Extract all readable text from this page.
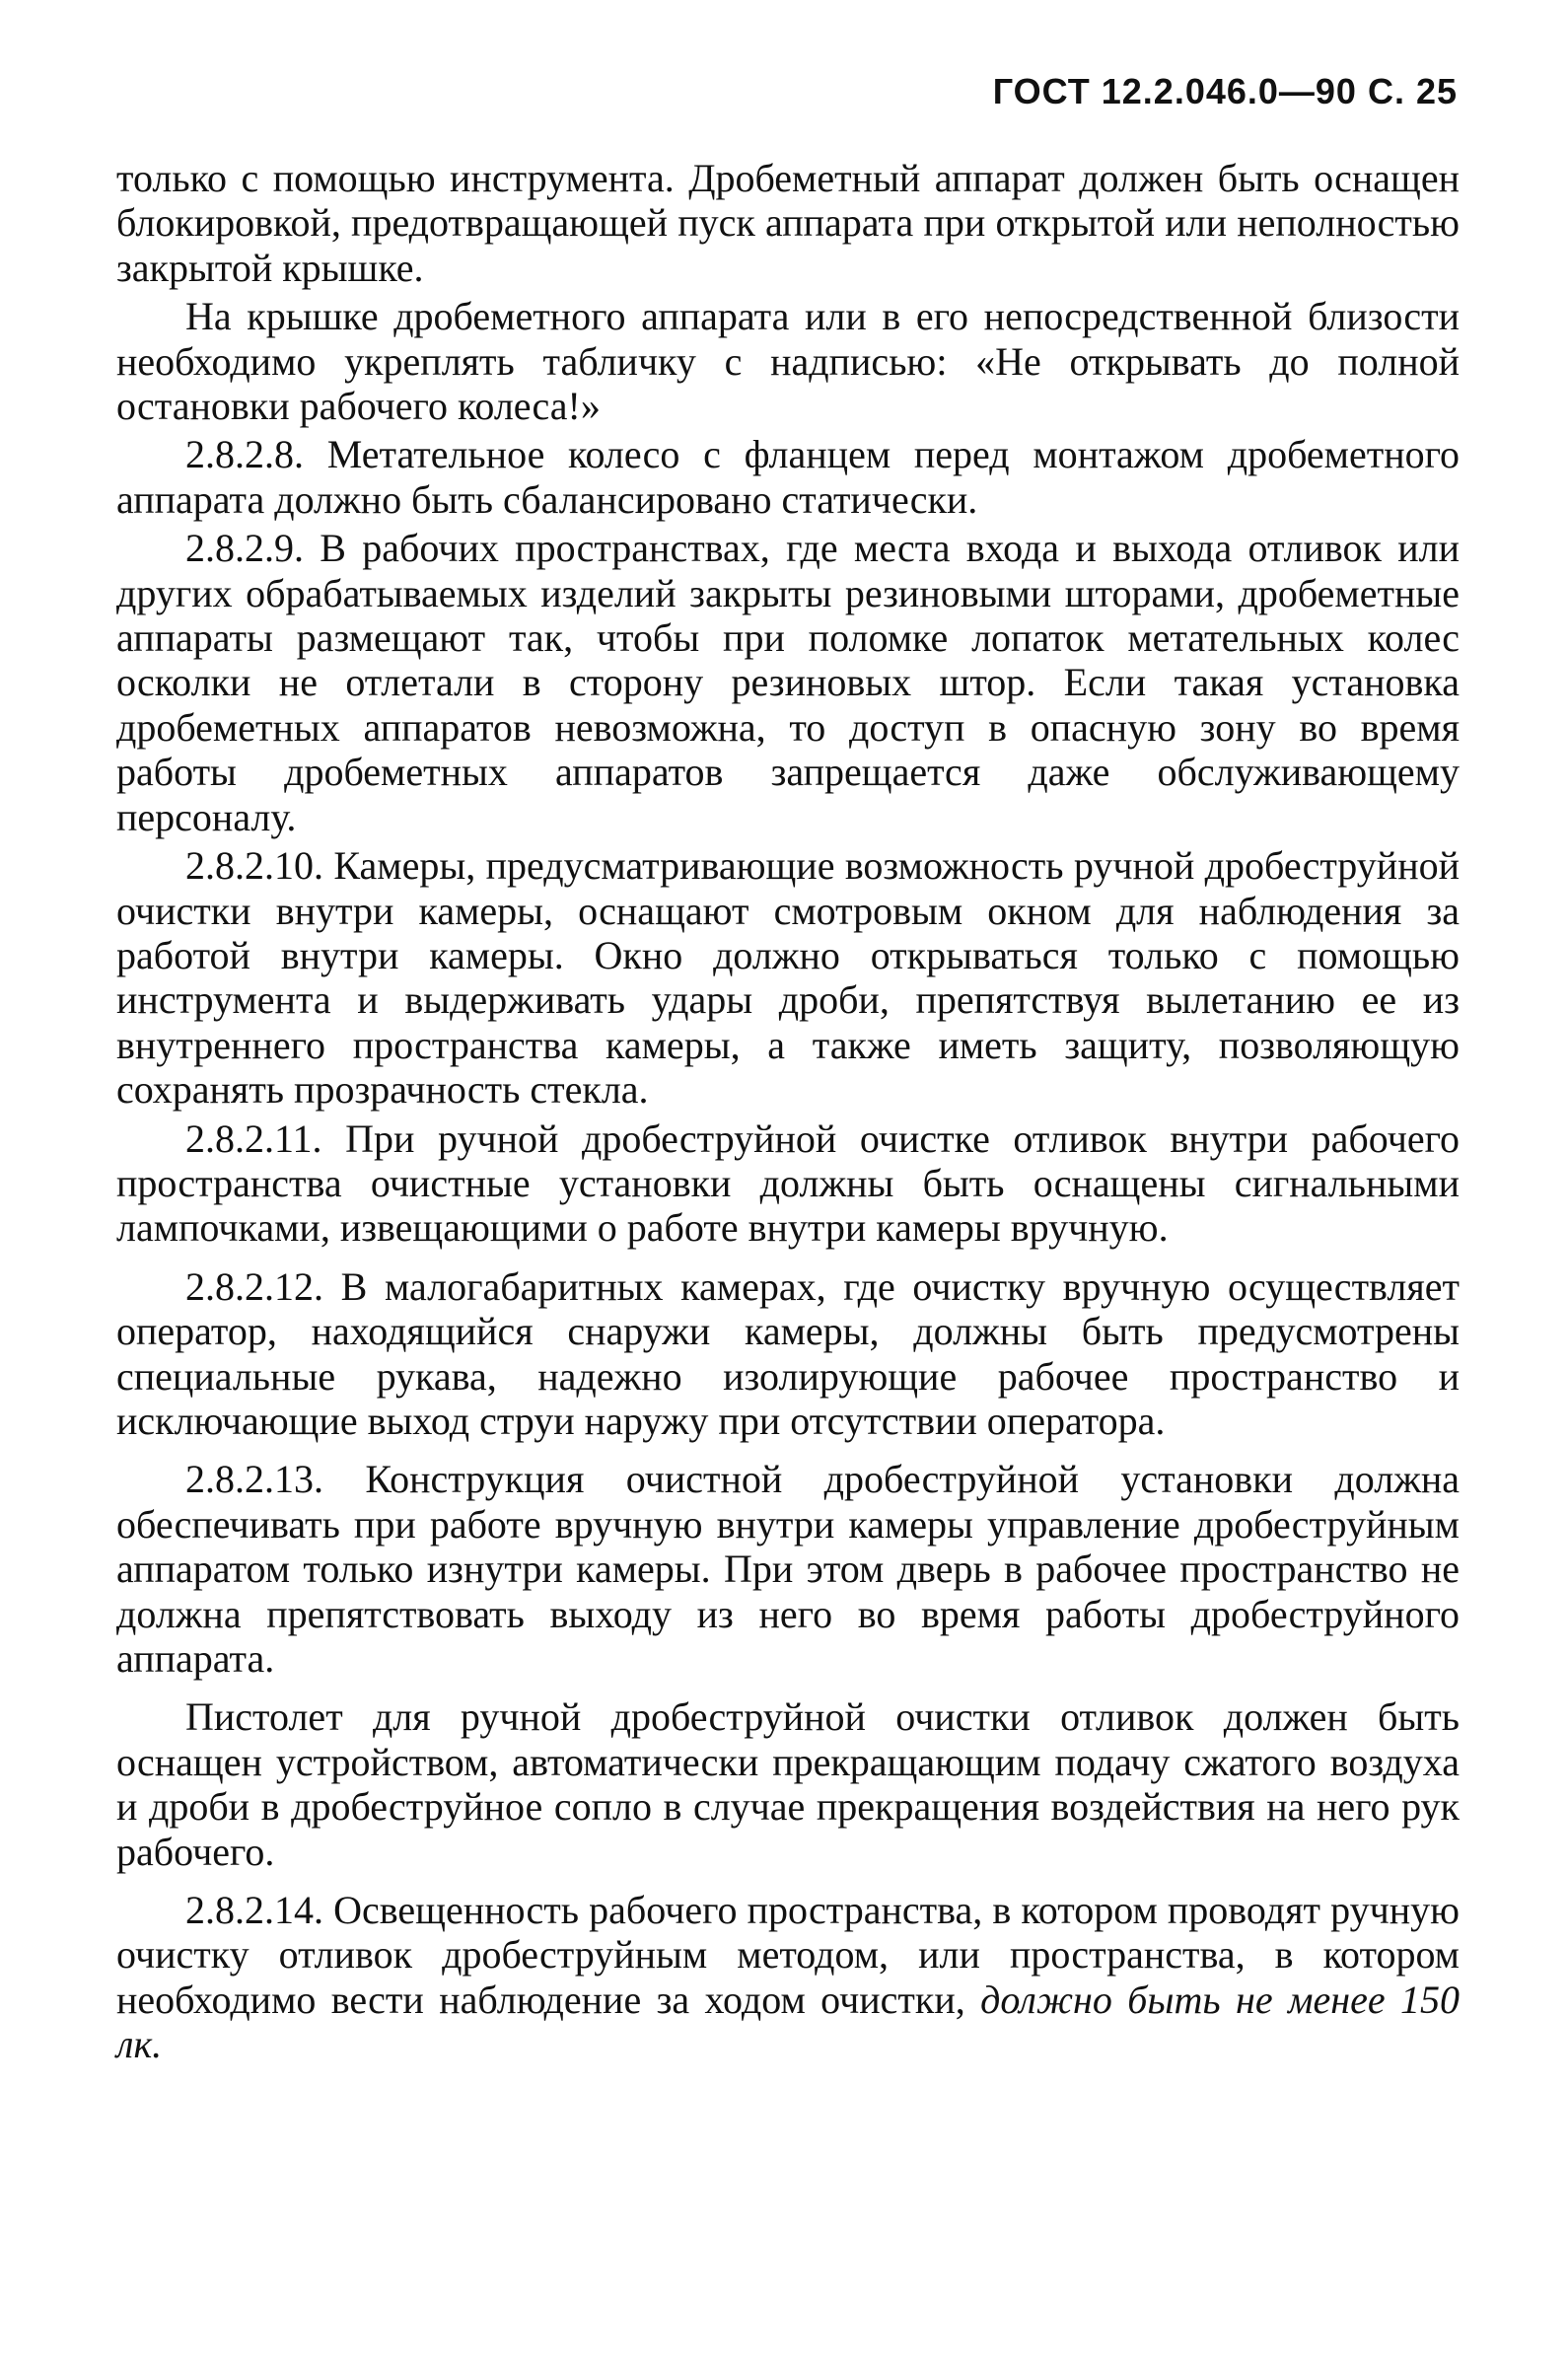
ГОСТ 12.2.046.0—90 С. 25

только с помощью инструмента. Дробеметный аппарат должен быть оснащен блокировкой, предотвращающей пуск аппарата при открытой или неполностью закрытой крышке.

На крышке дробеметного аппарата или в его непосредственной близости необходимо укреплять табличку с надписью: «Не открывать до полной остановки рабочего колеса!»

2.8.2.8. Метательное колесо с фланцем перед монтажом дробеметного аппарата должно быть сбалансировано статически.

2.8.2.9. В рабочих пространствах, где места входа и выхода отливок или других обрабатываемых изделий закрыты резиновыми шторами, дробеметные аппараты размещают так, чтобы при поломке лопаток метательных колес осколки не отлетали в сторону резиновых штор. Если такая установка дробеметных аппаратов невозможна, то доступ в опасную зону во время работы дробеметных аппаратов запрещается даже обслуживающему персоналу.

2.8.2.10. Камеры, предусматривающие возможность ручной дробеструйной очистки внутри камеры, оснащают смотровым окном для наблюдения за работой внутри камеры. Окно должно открываться только с помощью инструмента и выдерживать удары дроби, препятствуя вылетанию ее из внутреннего пространства камеры, а также иметь защиту, позволяющую сохранять прозрачность стекла.

2.8.2.11. При ручной дробеструйной очистке отливок внутри рабочего пространства очистные установки должны быть оснащены сигнальными лампочками, извещающими о работе внутри камеры вручную.

2.8.2.12. В малогабаритных камерах, где очистку вручную осуществляет оператор, находящийся снаружи камеры, должны быть предусмотрены специальные рукава, надежно изолирующие рабочее пространство и исключающие выход струи наружу при отсутствии оператора.

2.8.2.13. Конструкция очистной дробеструйной установки должна обеспечивать при работе вручную внутри камеры управление дробеструйным аппаратом только изнутри камеры. При этом дверь в рабочее пространство не должна препятствовать выходу из него во время работы дробеструйного аппарата.

Пистолет для ручной дробеструйной очистки отливок должен быть оснащен устройством, автоматически прекращающим подачу сжатого воздуха и дроби в дробеструйное сопло в случае прекращения воздействия на него рук рабочего.

2.8.2.14. Освещенность рабочего пространства, в котором проводят ручную очистку отливок дробеструйным методом, или пространства, в котором необходимо вести наблюдение за ходом очистки, должно быть не менее 150 лк.
